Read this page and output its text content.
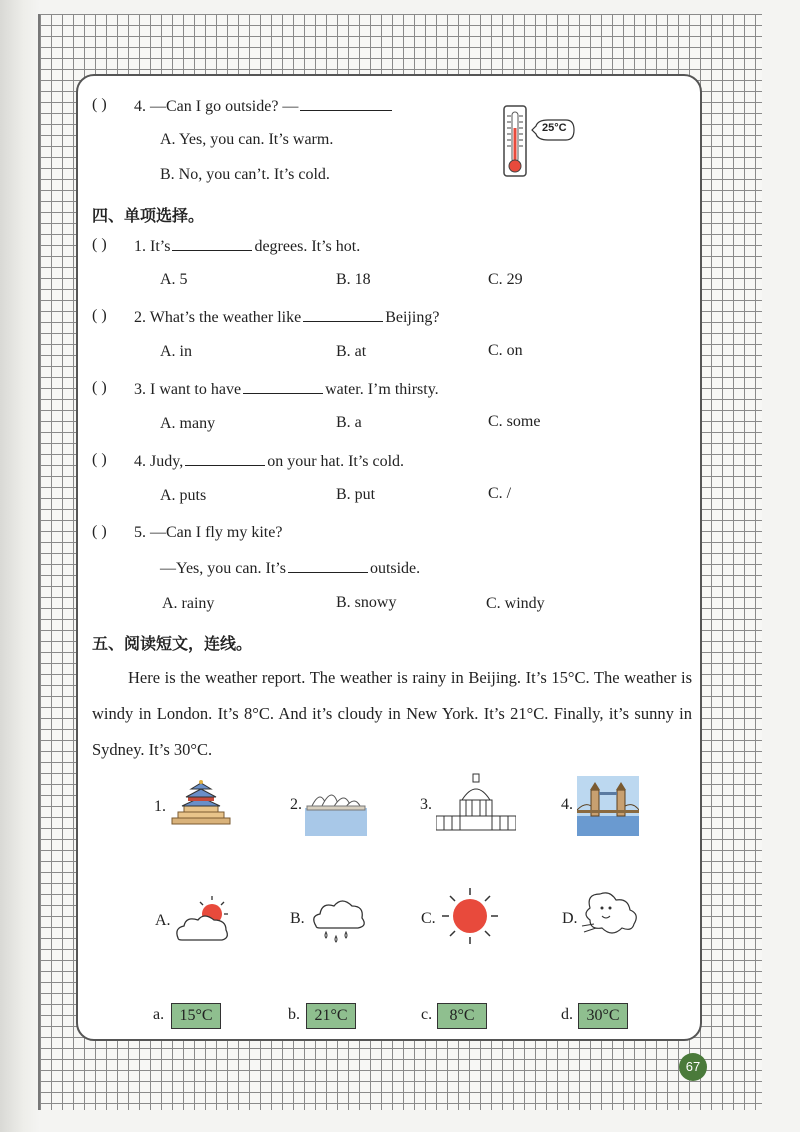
( ) 4. —Can I go outside? —
A. Yes, you can. It’s warm.
B. No, you can’t. It’s cold.
25°C
四、单项选择。
( ) 1. It’s	degrees. It’s hot.
A. 5	B. 18	C. 29
( ) 2. What’s the weather like	Beijing?
A. in	B. at	C. on
( ) 3. I want to have	water. I’m thirsty.
A. many	B. a	C. some
( ) 4. Judy,	on your hat. It’s cold.
A. puts	B. put	C. /
( ) 5. —Can I fly my kite?
—Yes, you can. It’s	outside.
A. rainy	B. snowy	C. windy
五、阅读短文，连线。
Here is the weather report. The weather is rainy in Beijing. It’s 15°C. The weather is windy in London. It’s 8°C. And it’s cloudy in New York. It’s 21°C. Finally, it’s sunny in Sydney. It’s 30°C.
1.	2.	3.	4.
A.	B.	C.	D.
a. 15°C	b. 21°C	c.	8°C	d. 30°C
67
